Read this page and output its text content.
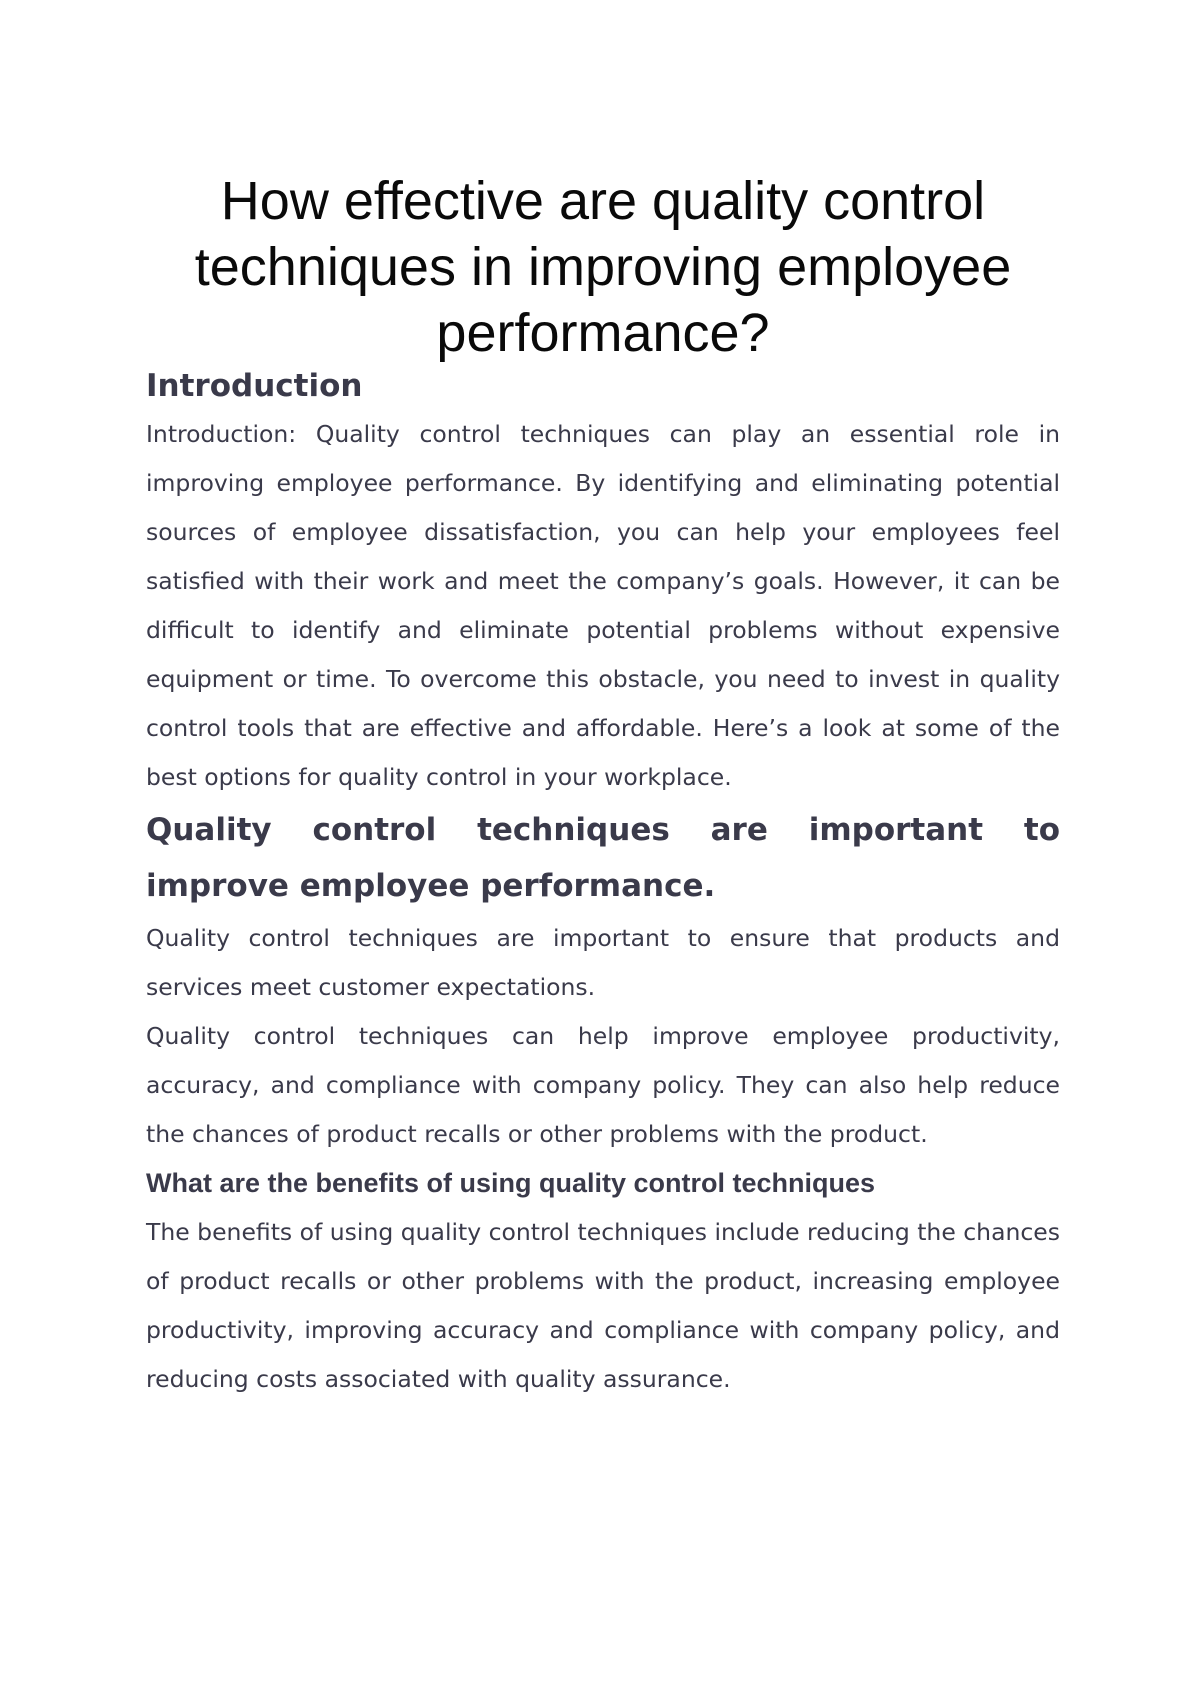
How effective are quality control techniques in improving employee performance?
Introduction

Introduction: Quality control techniques can play an essential role in improving employee performance. By identifying and eliminating potential sources of employee dissatisfaction, you can help your employees feel satisfied with their work and meet the company’s goals. However, it can be difficult to identify and eliminate potential problems without expensive equipment or time. To overcome this obstacle, you need to invest in quality control tools that are effective and affordable. Here’s a look at some of the best options for quality control in your workplace.

Quality control techniques are important to improve employee performance.

Quality control techniques are important to ensure that products and services meet customer expectations.

Quality control techniques can help improve employee productivity, accuracy, and compliance with company policy. They can also help reduce the chances of product recalls or other problems with the product.

What are the benefits of using quality control techniques

The benefits of using quality control techniques include reducing the chances of product recalls or other problems with the product, increasing employee productivity, improving accuracy and compliance with company policy, and reducing costs associated with quality assurance.
